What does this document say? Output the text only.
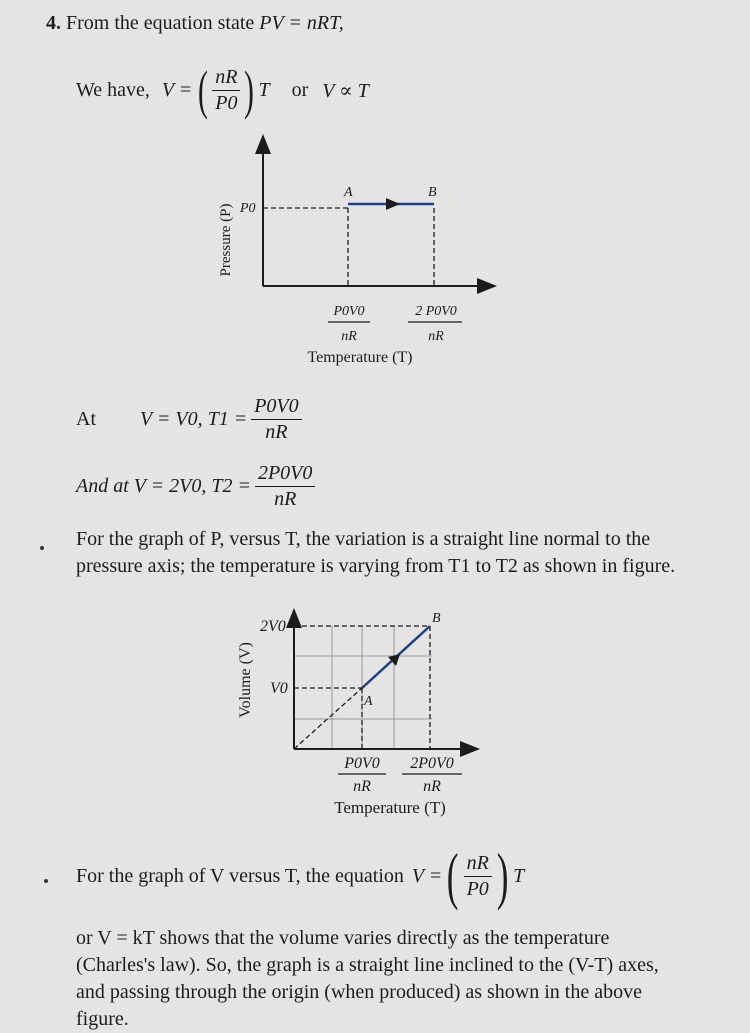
4. From the equation state PV = nRT,
We have, V = ( $\frac{nR}{P0}$ ) T or V ∝ T
Pressure (P) P0
A	B
P0V0
nR
2 P0V0
nR
Temperature (T)
At V = V0, $T1 = \frac{P0V0}{nR}$
And at V = 2V0, $T2 = \frac{2P0V0}{nR}$
For the graph of P, versus T, the variation is a straight line normal to the pressure axis; the temperature is varying from T1 to T2 as shown in figure.
Volume (V)
2V0
V0
A
B
P0V0
nR
2P0V0
nR
Temperature (T)
For the graph of V versus T, the equation V = ( $\frac{nR}{P0}$ ) T
or V = kT shows that the volume varies directly as the temperature (Charles's law). So, the graph is a straight line inclined to the (V-T) axes, and passing through the origin (when produced) as shown in the above figure.
